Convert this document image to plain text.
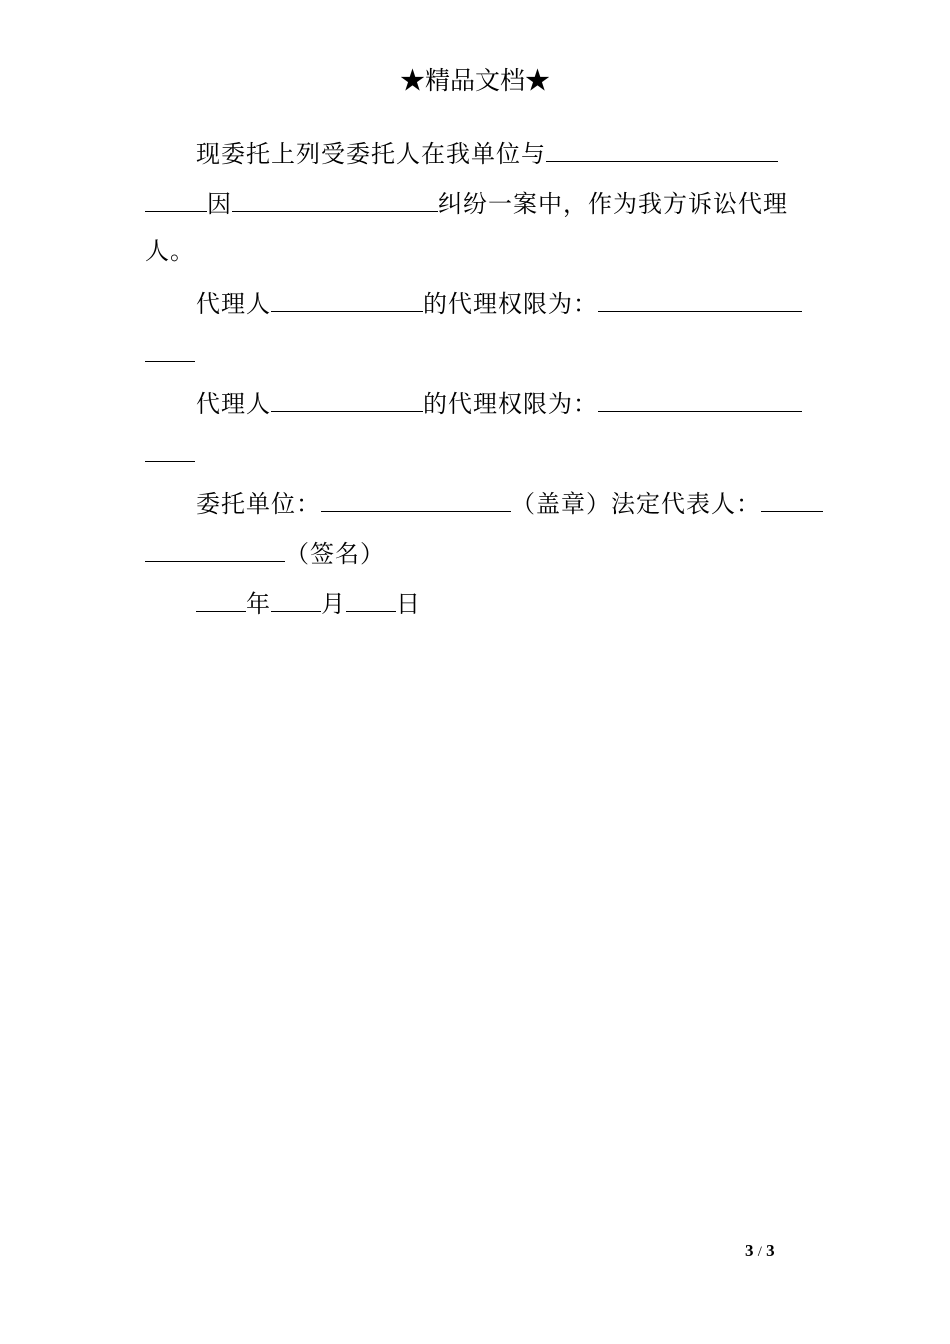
★精品文档★
现委托上列受委托人在我单位与
因	纠纷一案中，作为我方诉讼代理
人。
代理人	的代理权限为：
代理人	的代理权限为：
委托单位：	（盖章）法定代表人：
（签名）
年 月 日
3 / 3
